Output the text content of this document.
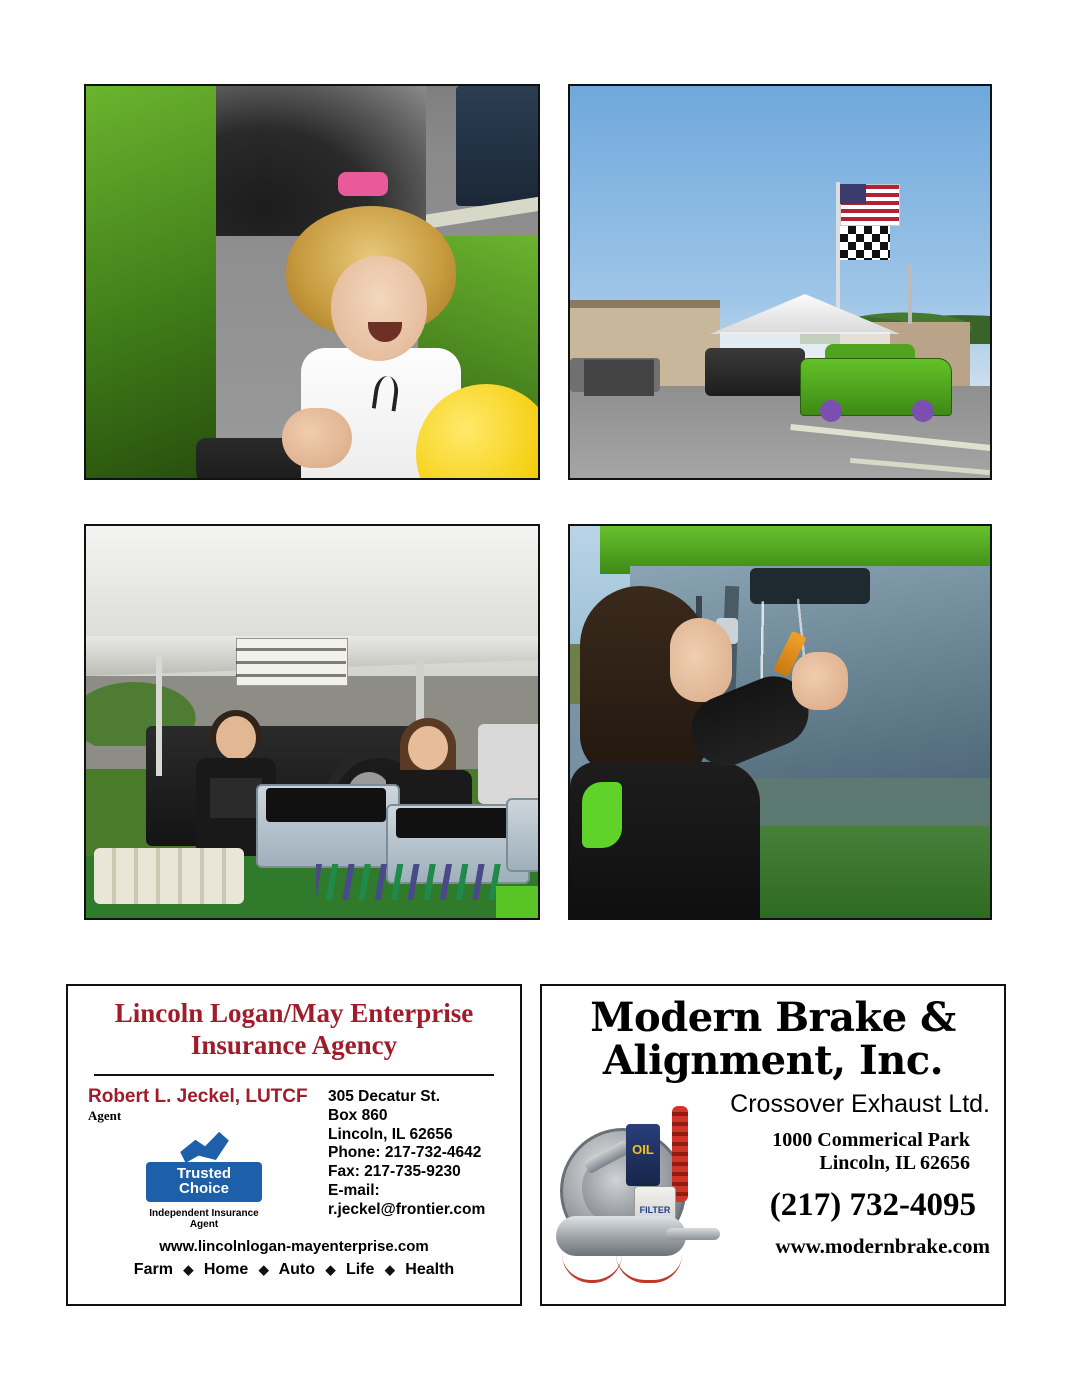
Lincoln Logan/May Enterprise
Insurance Agency
Robert L. Jeckel, LUTCF
Agent
Trusted
Choice
Independent Insurance Agent
305 Decatur St.
Box 860
Lincoln, IL 62656
Phone: 217-732-4642
Fax: 217-735-9230
E-mail:
r.jeckel@frontier.com
www.lincolnlogan-mayenterprise.com
Farm ◆ Home ◆ Auto ◆ Life ◆ Health
Modern Brake &
Alignment, Inc.
Crossover Exhaust Ltd.
1000 Commerical Park
Lincoln, IL 62656
(217) 732-4095
www.modernbrake.com
OIL
FILTER
